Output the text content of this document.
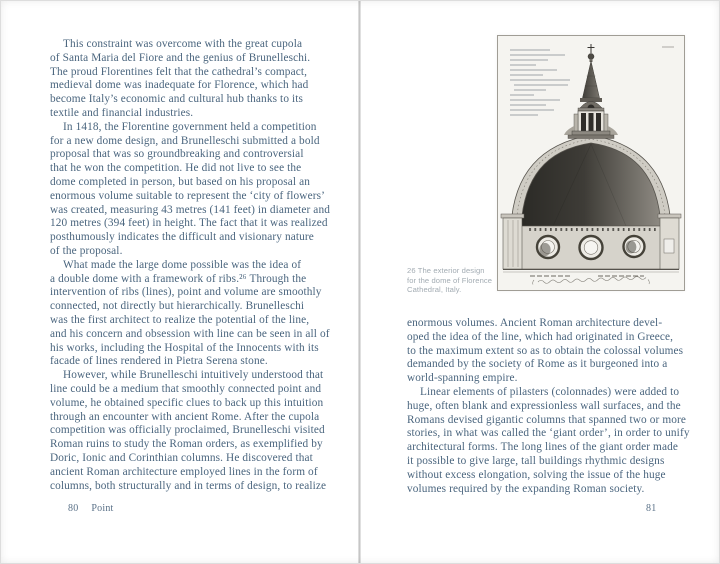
This constraint was overcome with the great cupola
of Santa Maria del Fiore and the genius of Brunelleschi.
The proud Florentines felt that the cathedral’s compact,
medieval dome was inadequate for Florence, which had
become Italy’s economic and cultural hub thanks to its
textile and financial industries.
In 1418, the Florentine government held a competition
for a new dome design, and Brunelleschi submitted a bold
proposal that was so groundbreaking and controversial
that he won the competition. He did not live to see the
dome completed in person, but based on his proposal an
enormous volume suitable to represent the ‘city of flowers’
was created, measuring 43 metres (141 feet) in diameter and
120 metres (394 feet) in height. The fact that it was realized
posthumously indicates the difficult and visionary nature
of the proposal.
What made the large dome possible was the idea of
a double dome with a framework of ribs.²⁶ Through the
intervention of ribs (lines), point and volume are smoothly
connected, not directly but hierarchically. Brunelleschi
was the first architect to realize the potential of the line,
and his concern and obsession with line can be seen in all of
his works, including the Hospital of the Innocents with its
facade of lines rendered in Pietra Serena stone.
However, while Brunelleschi intuitively understood that
line could be a medium that smoothly connected point and
volume, he obtained specific clues to back up this intuition
through an encounter with ancient Rome. After the cupola
competition was officially proclaimed, Brunelleschi visited
Roman ruins to study the Roman orders, as exemplified by
Doric, Ionic and Corinthian columns. He discovered that
ancient Roman architecture employed lines in the form of
columns, both structurally and in terms of design, to realize
80 Point
26 The exterior design
for the dome of Florence
Cathedral, Italy.
enormous volumes. Ancient Roman architecture devel-
oped the idea of the line, which had originated in Greece,
to the maximum extent so as to obtain the colossal volumes
demanded by the society of Rome as it burgeoned into a
world-spanning empire.
Linear elements of pilasters (colonnades) were added to
huge, often blank and expressionless wall surfaces, and the
Romans devised gigantic columns that spanned two or more
stories, in what was called the ‘giant order’, in order to unify
architectural forms. The long lines of the giant order made
it possible to give large, tall buildings rhythmic designs
without excess elongation, solving the issue of the huge
volumes required by the expanding Roman society.
81
